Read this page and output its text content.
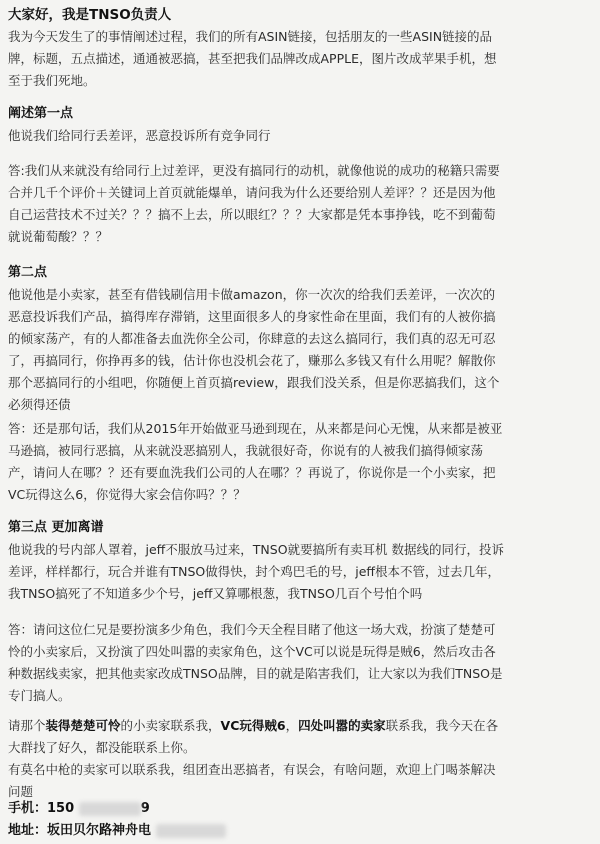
大家好，我是TNSO负责人
我为今天发生了的事情阐述过程，我们的所有ASIN链接，包括朋友的一些ASIN链接的品
牌，标题，五点描述，通通被恶搞，甚至把我们品牌改成APPLE，图片改成苹果手机，想
至于我们死地。
阐述第一点
他说我们给同行丢差评，恶意投诉所有竞争同行
答:我们从来就没有给同行上过差评，更没有搞同行的动机，就像他说的成功的秘籍只需要
合并几千个评价＋关键词上首页就能爆单，请问我为什么还要给别人差评？？还是因为他
自己运营技术不过关？？？搞不上去，所以眼红？？？大家都是凭本事挣钱，吃不到葡萄
就说葡萄酸？？？
第二点
他说他是小卖家，甚至有借钱刷信用卡做amazon，你一次次的给我们丢差评，一次次的
恶意投诉我们产品，搞得库存滞销，这里面很多人的身家性命在里面，我们有的人被你搞
的倾家荡产，有的人都准备去血洗你全公司，你肆意的去这么搞同行，我们真的忍无可忍
了，再搞同行，你挣再多的钱，估计你也没机会花了，赚那么多钱又有什么用呢？解散你
那个恶搞同行的小组吧，你随便上首页搞review，跟我们没关系，但是你恶搞我们，这个
必须得还债
答：还是那句话，我们从2015年开始做亚马逊到现在，从来都是问心无愧，从来都是被亚
马逊搞，被同行恶搞，从来就没恶搞别人，我就很好奇，你说有的人被我们搞得倾家荡
产，请问人在哪？？还有要血洗我们公司的人在哪？？再说了，你说你是一个小卖家，把
VC玩得这么6，你觉得大家会信你吗？？？
第三点 更加离谱
他说我的号内部人罩着，jeff不服放马过来，TNSO就要搞所有卖耳机 数据线的同行，投诉
差评，样样都行，玩合并谁有TNSO做得快，封个鸡巴毛的号，jeff根本不管，过去几年，
我TNSO搞死了不知道多少个号，jeff又算哪根葱，我TNSO几百个号怕个吗
答：请问这位仁兄是要扮演多少角色，我们今天全程目睹了他这一场大戏，扮演了楚楚可
怜的小卖家后，又扮演了四处叫嚣的卖家角色，这个VC可以说是玩得是贼6，然后攻击各
种数据线卖家，把其他卖家改成TNSO品牌，目的就是陷害我们，让大家以为我们TNSO是
专门搞人。
请那个装得楚楚可怜的小卖家联系我，VC玩得贼6，四处叫嚣的卖家联系我，我今天在各
大群找了好久，都没能联系上你。
有莫名中枪的卖家可以联系我，组团查出恶搞者，有误会，有啥问题，欢迎上门喝茶解决
问题
手机：150	9
地址：坂田贝尔路神舟电
